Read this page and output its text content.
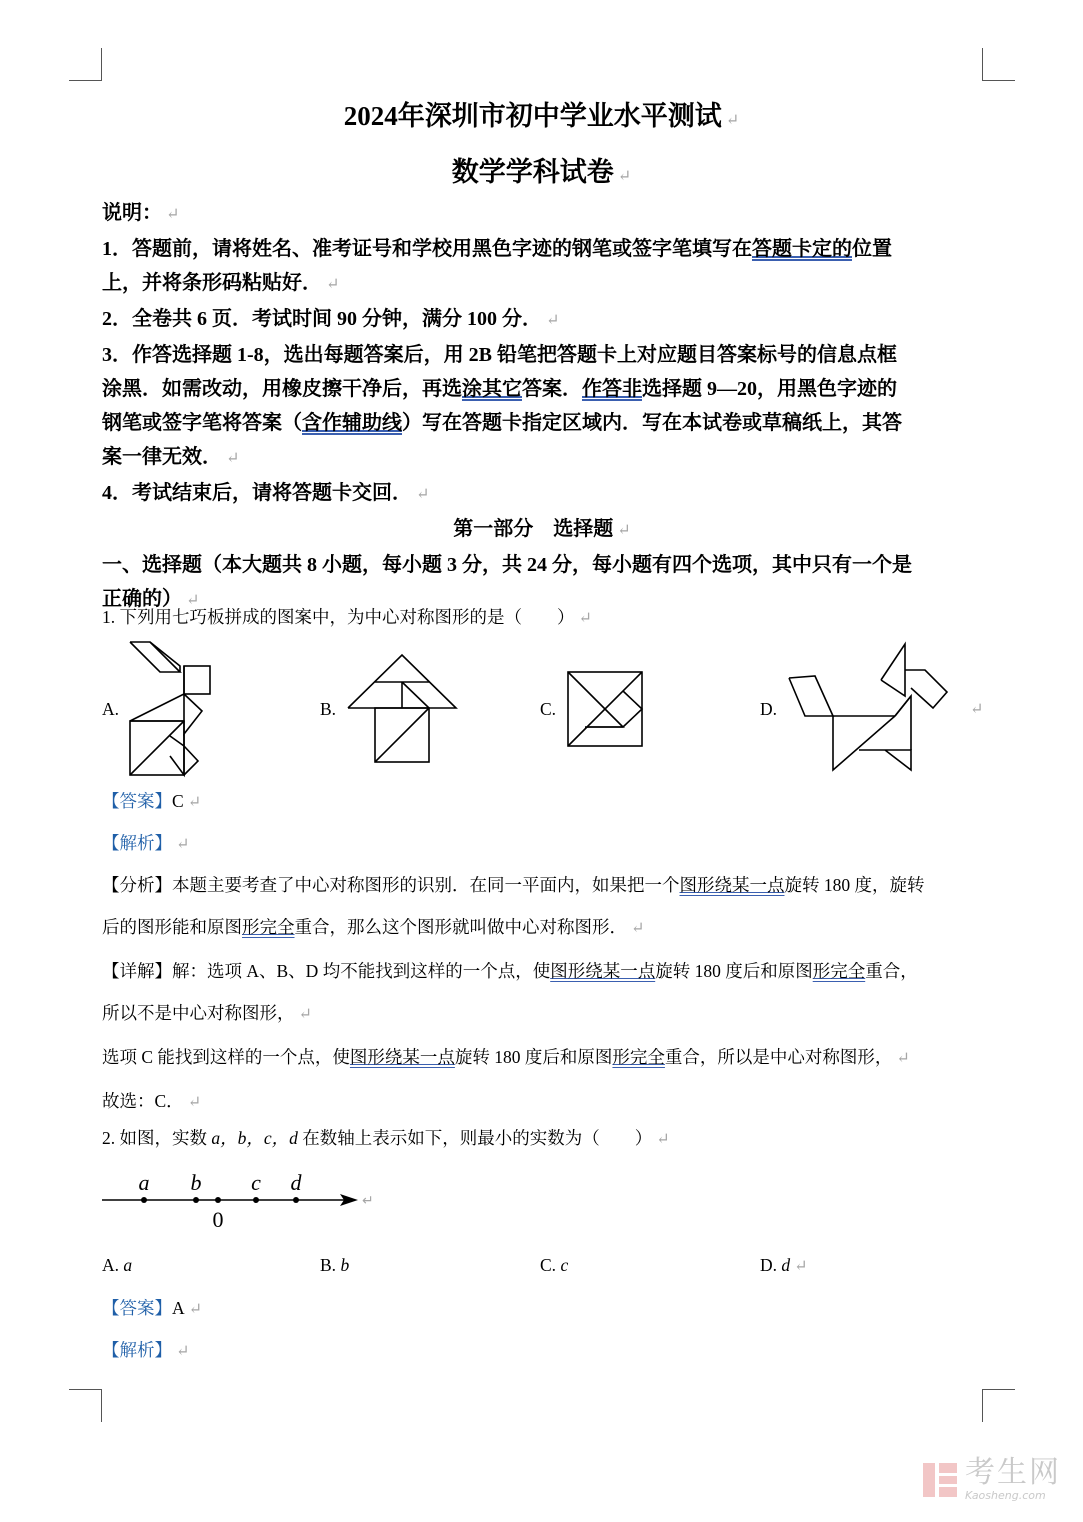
2024年深圳市初中学业水平测试 ↵
数学学科试卷 ↵
说明： ↵
1．答题前，请将姓名、准考证号和学校用黑色字迹的钢笔或签字笔填写在答题卡定的位置
上，并将条形码粘贴好． ↵
2．全卷共 6 页．考试时间 90 分钟，满分 100 分． ↵
3．作答选择题 1-8，选出每题答案后，用 2B 铅笔把答题卡上对应题目答案标号的信息点框
涂黑．如需改动，用橡皮擦干净后，再选涂其它答案．作答非选择题 9—20，用黑色字迹的
钢笔或签字笔将答案（含作辅助线）写在答题卡指定区域内．写在本试卷或草稿纸上，其答
案一律无效． ↵
4．考试结束后，请将答题卡交回． ↵
第一部分　选择题 ↵
一、选择题（本大题共 8 小题，每小题 3 分，共 24 分，每小题有四个选项，其中只有一个是
正确的） ↵
1. 下列用七巧板拼成的图案中，为中心对称图形的是（　　） ↵
A.	B.	C.	D.	↵
【答案】C ↵
【解析】 ↵
【分析】本题主要考查了中心对称图形的识别．在同一平面内，如果把一个图形绕某一点旋转 180 度，旋转
后的图形能和原图形完全重合，那么这个图形就叫做中心对称图形． ↵
【详解】解：选项 A、B、D 均不能找到这样的一个点，使图形绕某一点旋转 180 度后和原图形完全重合，
所以不是中心对称图形， ↵
选项 C 能找到这样的一个点，使图形绕某一点旋转 180 度后和原图形完全重合，所以是中心对称图形， ↵
故选：C． ↵
2. 如图，实数 a，b，c，d 在数轴上表示如下，则最小的实数为（　　） ↵
a b c d
0
↵
A. a	B. b	C. c	D. d ↵
【答案】A ↵
【解析】 ↵
考生网
Kaosheng.com
